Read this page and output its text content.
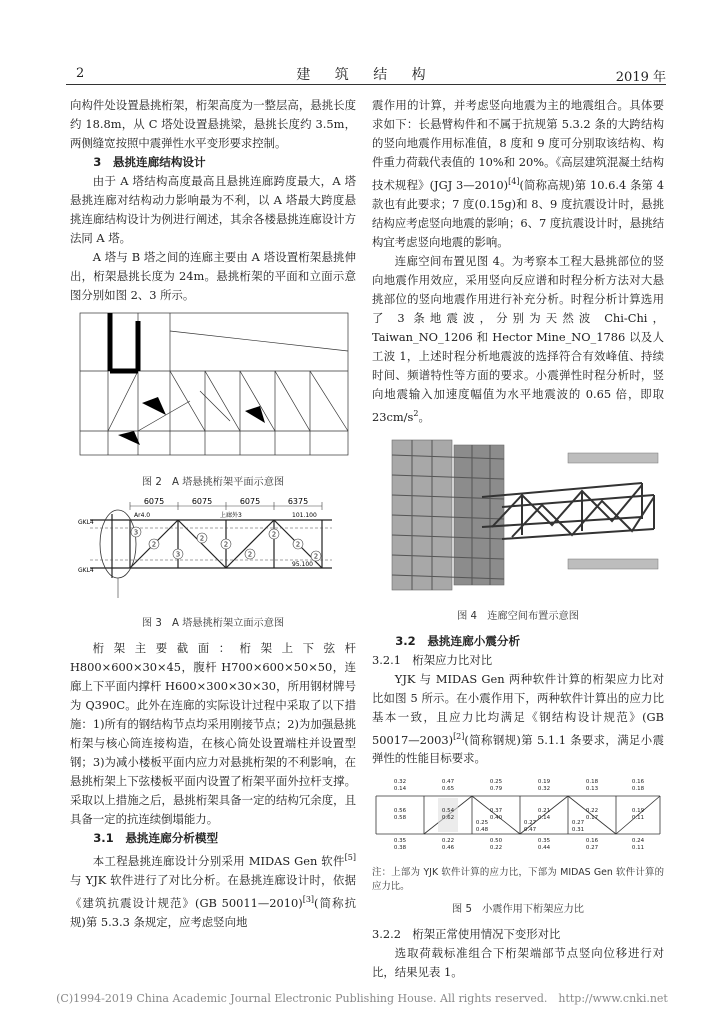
2	建 筑 结 构	2019 年

向构件处设置悬挑桁架，桁架高度为一整层高，悬挑长度约 18.8m，从 C 塔处设置悬挑梁，悬挑长度约 3.5m，两侧缝宽按照中震弹性水平变形要求控制。

3　悬挑连廊结构设计

由于 A 塔结构高度最高且悬挑连廊跨度最大，A 塔悬挑连廊对结构动力影响最为不利，以 A 塔最大跨度悬挑连廊结构设计为例进行阐述，其余各楼悬挑连廊设计方法同 A 塔。

A 塔与 B 塔之间的连廊主要由 A 塔设置桁架悬挑伸出，桁架悬挑长度为 24m。悬挑桁架的平面和立面示意图分别如图 2、3 所示。

图 2　A 塔悬挑桁架平面示意图
6075	6075	6075	6375
2
3
2
2
2
2
2
3
2
GKL4
GKL4
Ar4.0	上廊外3	101.100
95.100
图 3　A 塔悬挑桁架立面示意图

桁架主要截面：桁架上下弦杆 H800×600×30×45，腹杆 H700×600×50×50，连廊上下平面内撑杆 H600×300×30×30，所用钢材牌号为 Q390C。此外在连廊的实际设计过程中采取了以下措施：1)所有的钢结构节点均采用刚接节点；2)为加强悬挑桁架与核心筒连接构造，在核心筒处设置端柱并设置型钢；3)为减小楼板平面内应力对悬挑桁架的不利影响，在悬挑桁架上下弦楼板平面内设置了桁架平面外拉杆支撑。采取以上措施之后，悬挑桁架具备一定的结构冗余度，且具备一定的抗连续倒塌能力。

3.1　悬挑连廊分析模型

本工程悬挑连廊设计分别采用 MIDAS Gen 软件[5]与 YJK 软件进行了对比分析。在悬挑连廊设计时，依据《建筑抗震设计规范》(GB 50011—2010)[3](简称抗规)第 5.3.3 条规定，应考虑竖向地

震作用的计算，并考虑竖向地震为主的地震组合。具体要求如下：长悬臂构件和不属于抗规第 5.3.2 条的大跨结构的竖向地震作用标准值，8 度和 9 度可分别取该结构、构件重力荷载代表值的 10%和 20%。《高层建筑混凝土结构技术规程》(JGJ 3—2010)[4](简称高规)第 10.6.4 条第 4 款也有此要求；7 度(0.15g)和 8、9 度抗震设计时，悬挑结构应考虑竖向地震的影响；6、7 度抗震设计时，悬挑结构宜考虑竖向地震的影响。

连廊空间布置见图 4。为考察本工程大悬挑部位的竖向地震作用效应，采用竖向反应谱和时程分析方法对大悬挑部位的竖向地震作用进行补充分析。时程分析计算选用了 3 条地震波，分别为天然波 Chi-Chi，Taiwan_NO_1206 和 Hector Mine_NO_1786 以及人工波 1，上述时程分析地震波的选择符合有效峰值、持续时间、频谱特性等方面的要求。小震弹性时程分析时，竖向地震输入加速度幅值为水平地震波的 0.65 倍，即取 $23cm/s^2$。

图 4　连廊空间布置示意图

3.2　悬挑连廊小震分析

3.2.1　桁架应力比对比

YJK 与 MIDAS Gen 两种软件计算的桁架应力比对比如图 5 所示。在小震作用下，两种软件计算出的应力比基本一致，且应力比均满足《钢结构设计规范》(GB 50017—2003)[2](简称钢规)第 5.1.1 条要求，满足小震弹性的性能目标要求。

0.32
0.14
0.47
0.65
0.25
0.79
0.19
0.32
0.18
0.13
0.16
0.18
0.35
0.38
0.22
0.46
0.50
0.22
0.35
0.44
0.16
0.27
0.24
0.11
0.56
0.58
0.54
0.62
0.37
0.40
0.21
0.14
0.22
0.17
0.19
0.11
0.25
0.48
0.27
0.47
0.27
0.31
注：上部为 YJK 软件计算的应力比，下部为 MIDAS Gen 软件计算的应力比。
图 5　小震作用下桁架应力比

3.2.2　桁架正常使用情况下变形对比

选取荷载标准组合下桁架端部节点竖向位移进行对比，结果见表 1。

(C)1994-2019 China Academic Journal Electronic Publishing House. All rights reserved.　http://www.cnki.net
